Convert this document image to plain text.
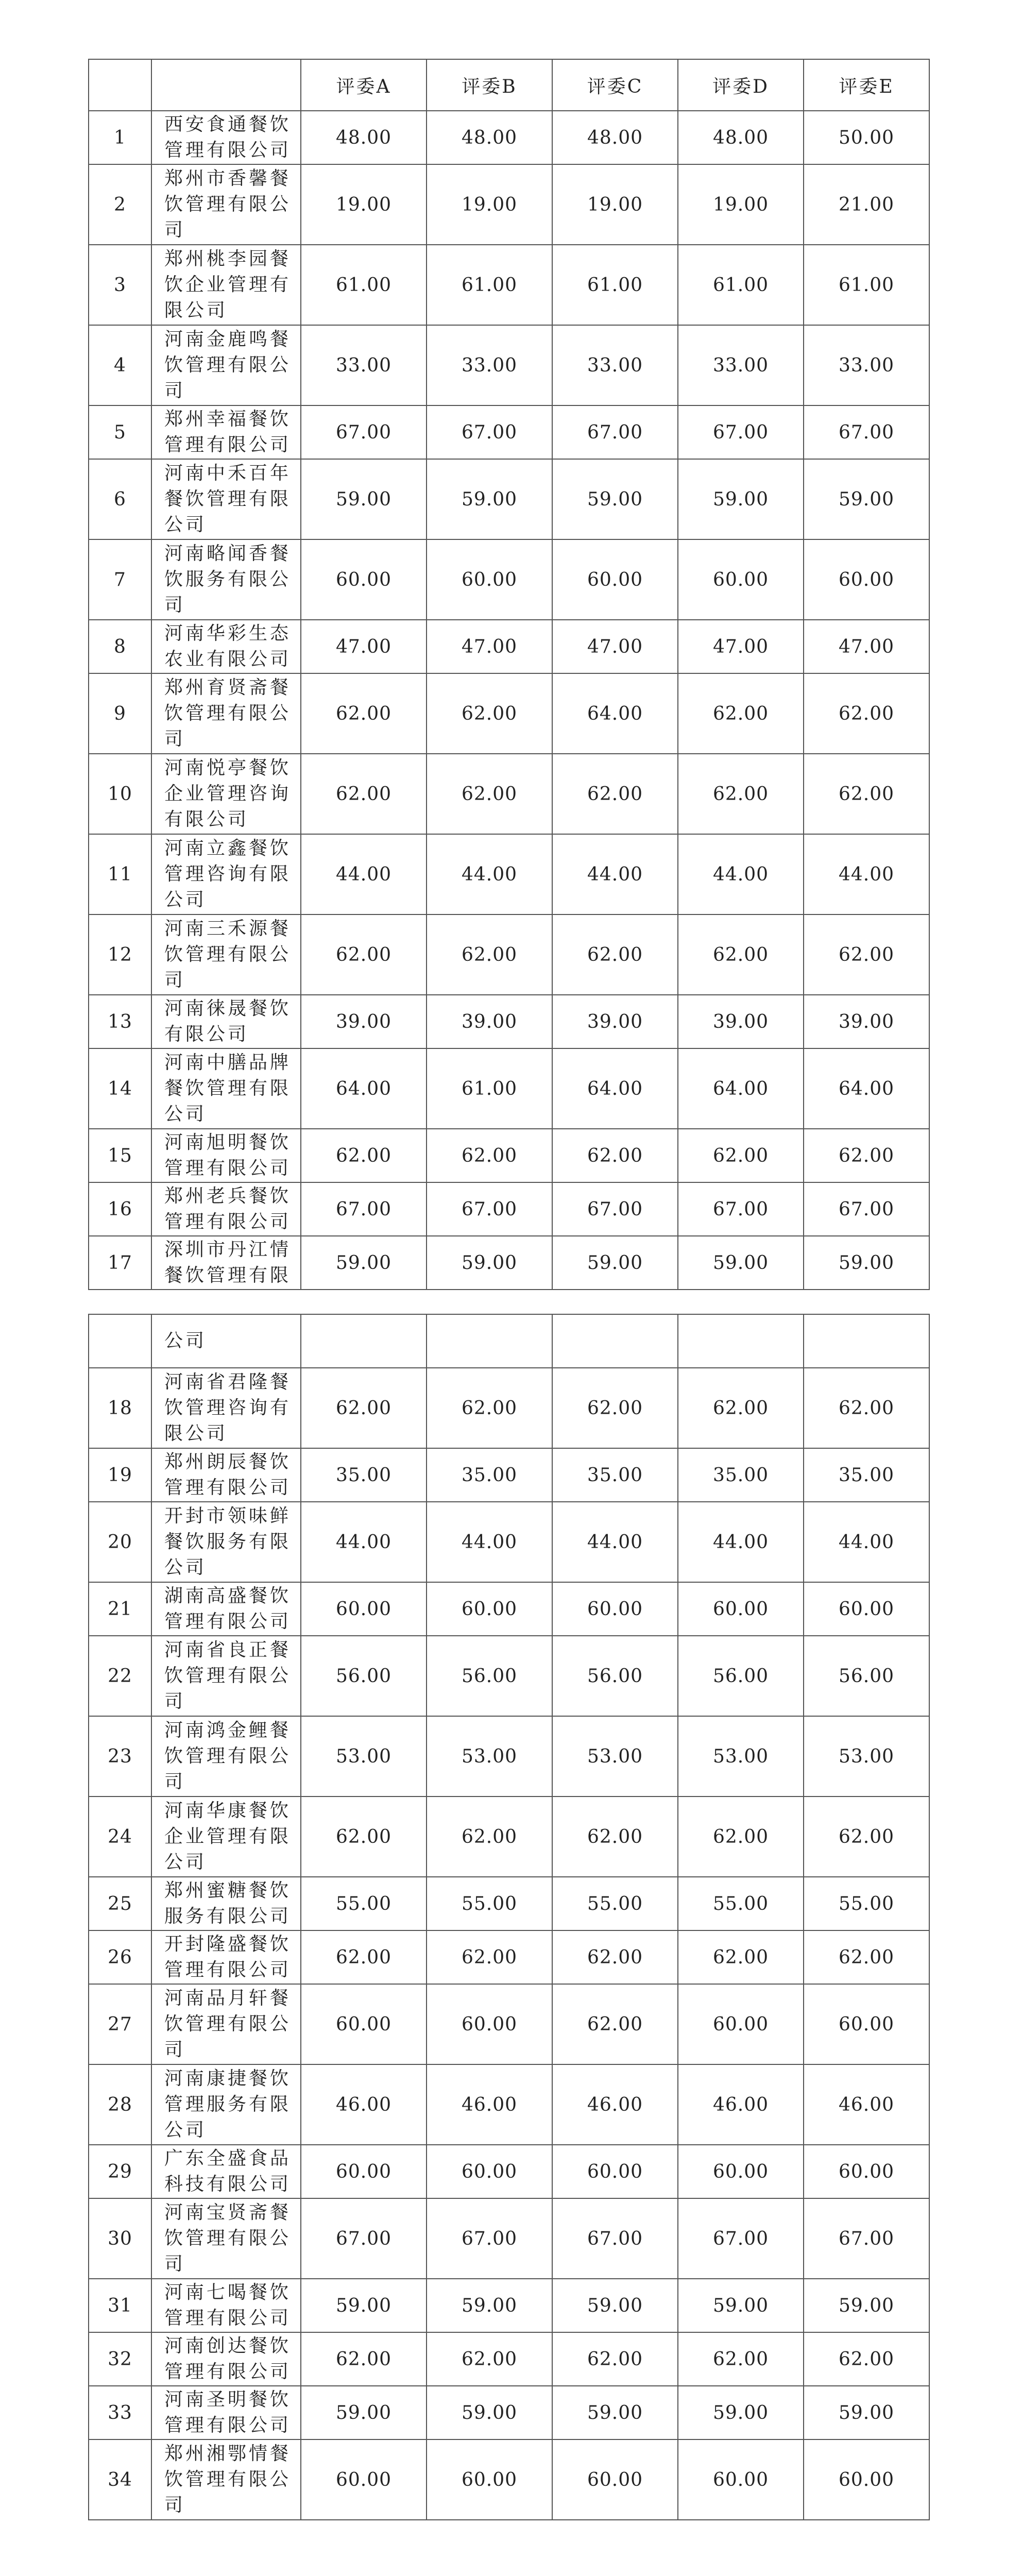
		评委A	评委B	评委C	评委D	评委E
1	西安食通餐饮管理有限公司	48.00	48.00	48.00	48.00	50.00
2	郑州市香馨餐饮管理有限公司	19.00	19.00	19.00	19.00	21.00
3	郑州桃李园餐饮企业管理有限公司	61.00	61.00	61.00	61.00	61.00
4	河南金鹿鸣餐饮管理有限公司	33.00	33.00	33.00	33.00	33.00
5	郑州幸福餐饮管理有限公司	67.00	67.00	67.00	67.00	67.00
6	河南中禾百年餐饮管理有限公司	59.00	59.00	59.00	59.00	59.00
7	河南略闻香餐饮服务有限公司	60.00	60.00	60.00	60.00	60.00
8	河南华彩生态农业有限公司	47.00	47.00	47.00	47.00	47.00
9	郑州育贤斋餐饮管理有限公司	62.00	62.00	64.00	62.00	62.00
10	河南悦亭餐饮企业管理咨询有限公司	62.00	62.00	62.00	62.00	62.00
11	河南立鑫餐饮管理咨询有限公司	44.00	44.00	44.00	44.00	44.00
12	河南三禾源餐饮管理有限公司	62.00	62.00	62.00	62.00	62.00
13	河南徕晟餐饮有限公司	39.00	39.00	39.00	39.00	39.00
14	河南中膳品牌餐饮管理有限公司	64.00	61.00	64.00	64.00	64.00
15	河南旭明餐饮管理有限公司	62.00	62.00	62.00	62.00	62.00
16	郑州老兵餐饮管理有限公司	67.00	67.00	67.00	67.00	67.00
17	深圳市丹江情餐饮管理有限	59.00	59.00	59.00	59.00	59.00
	公司					
18	河南省君隆餐饮管理咨询有限公司	62.00	62.00	62.00	62.00	62.00
19	郑州朗辰餐饮管理有限公司	35.00	35.00	35.00	35.00	35.00
20	开封市领味鲜餐饮服务有限公司	44.00	44.00	44.00	44.00	44.00
21	湖南高盛餐饮管理有限公司	60.00	60.00	60.00	60.00	60.00
22	河南省良正餐饮管理有限公司	56.00	56.00	56.00	56.00	56.00
23	河南鸿金鲤餐饮管理有限公司	53.00	53.00	53.00	53.00	53.00
24	河南华康餐饮企业管理有限公司	62.00	62.00	62.00	62.00	62.00
25	郑州蜜糖餐饮服务有限公司	55.00	55.00	55.00	55.00	55.00
26	开封隆盛餐饮管理有限公司	62.00	62.00	62.00	62.00	62.00
27	河南品月轩餐饮管理有限公司	60.00	60.00	62.00	60.00	60.00
28	河南康捷餐饮管理服务有限公司	46.00	46.00	46.00	46.00	46.00
29	广东全盛食品科技有限公司	60.00	60.00	60.00	60.00	60.00
30	河南宝贤斋餐饮管理有限公司	67.00	67.00	67.00	67.00	67.00
31	河南七喝餐饮管理有限公司	59.00	59.00	59.00	59.00	59.00
32	河南创达餐饮管理有限公司	62.00	62.00	62.00	62.00	62.00
33	河南圣明餐饮管理有限公司	59.00	59.00	59.00	59.00	59.00
34	郑州湘鄂情餐饮管理有限公司	60.00	60.00	60.00	60.00	60.00
